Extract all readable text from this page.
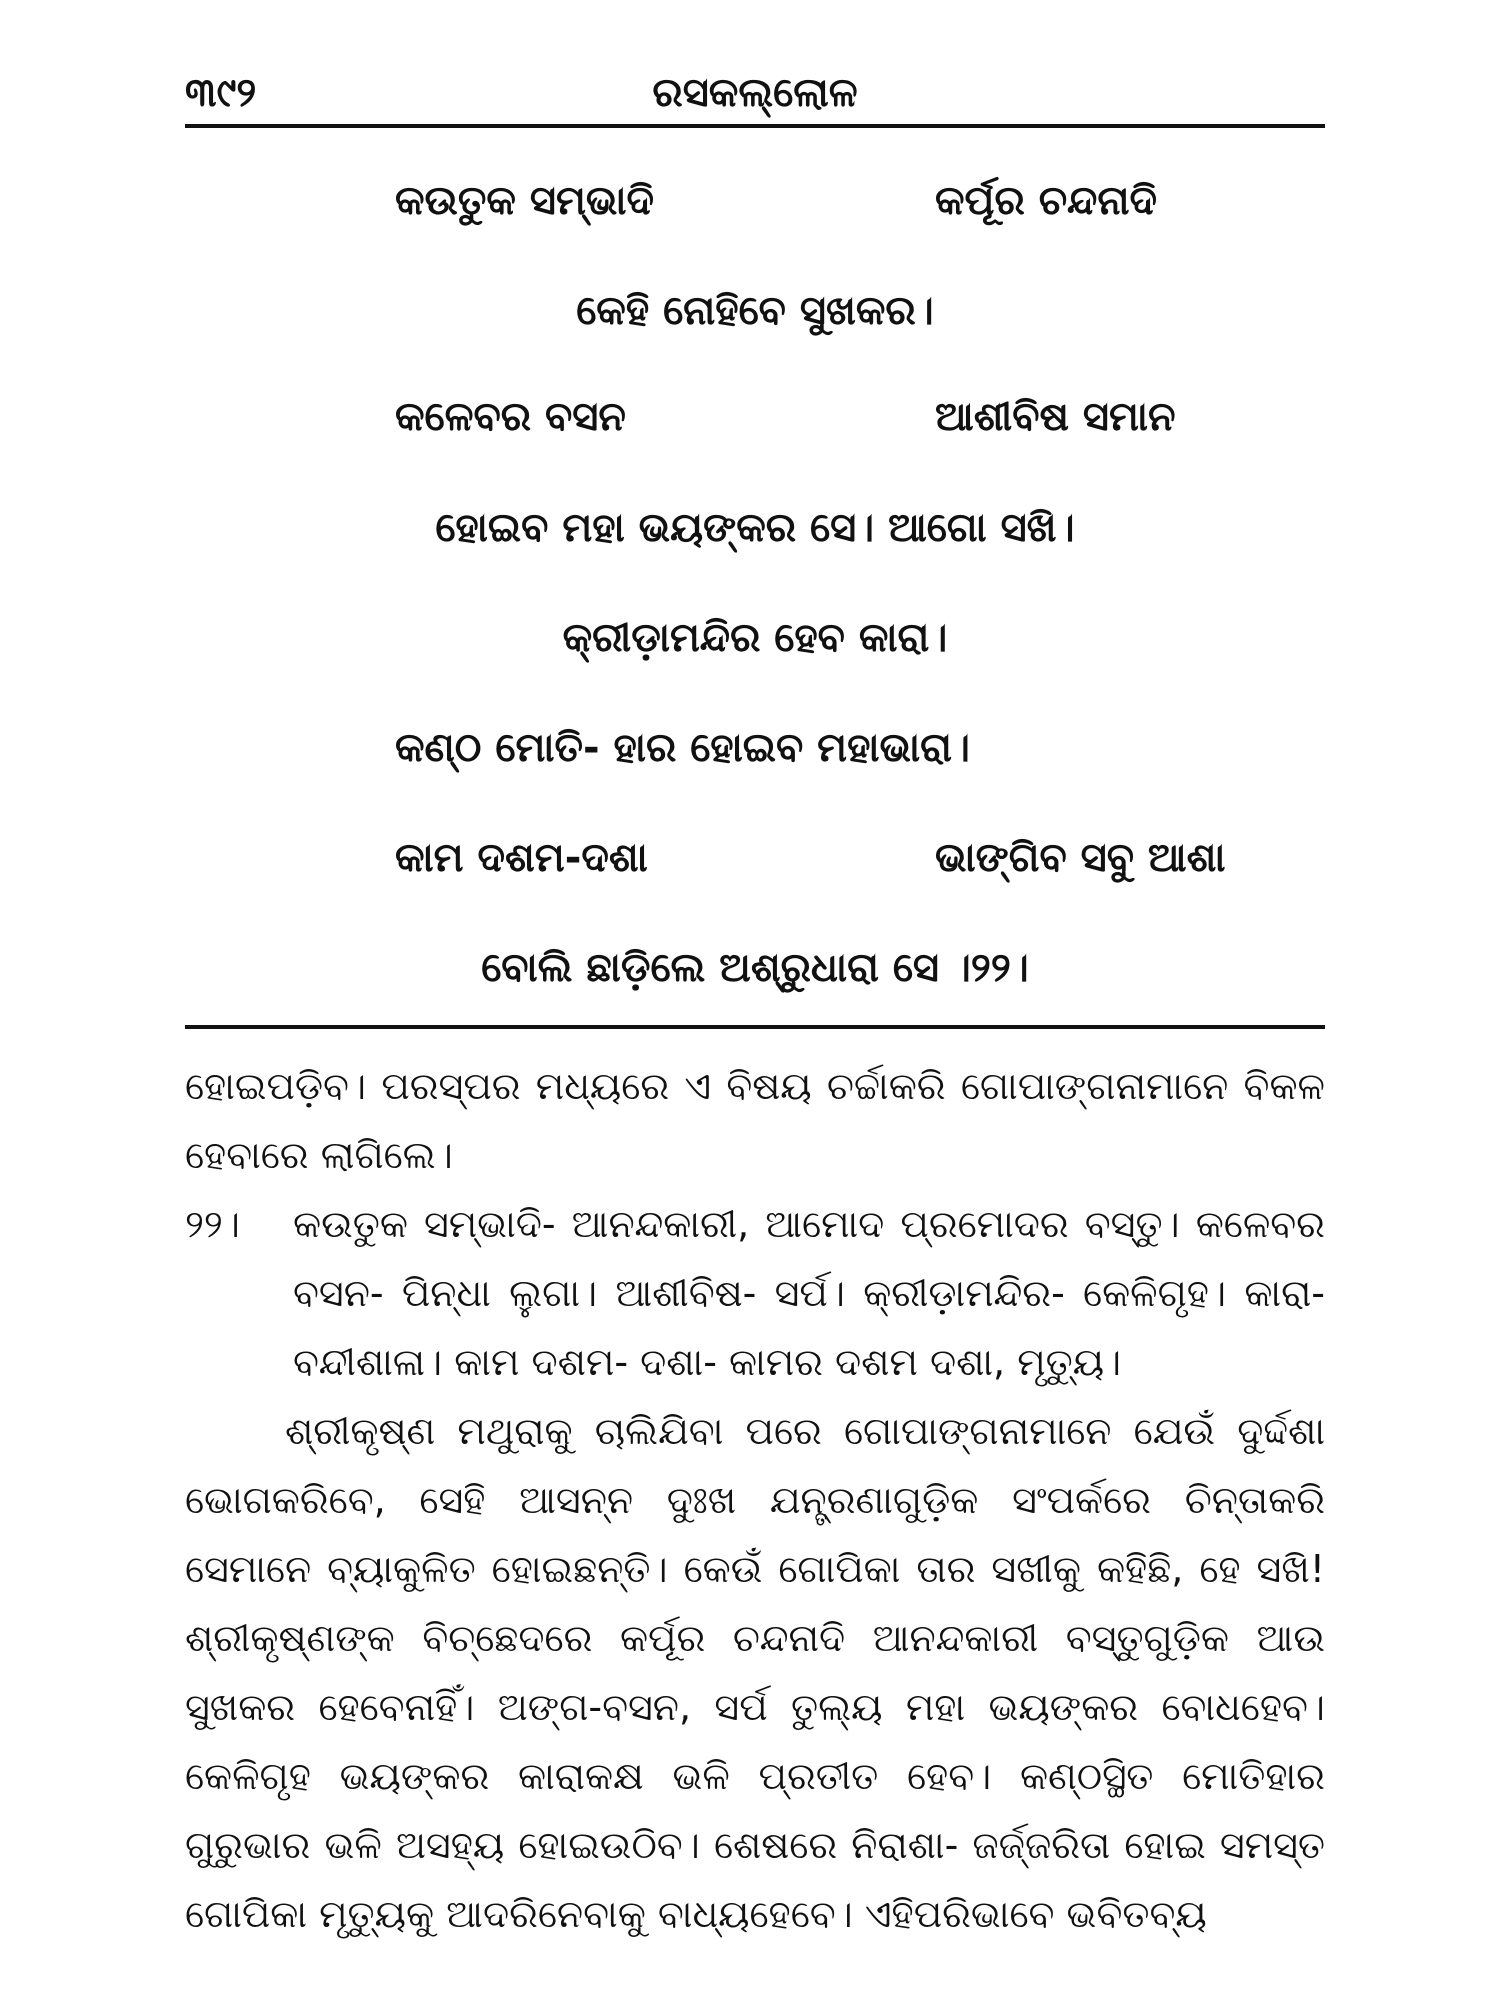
୩୯୨	ରସକଲ୍ଲୋଳ
କଉତୁକ ସମ୍ଭାଦି	କର୍ପୂର ଚନ୍ଦନାଦି
କେହି ନୋହିବେ ସୁଖକର।
କଳେବର ବସନ	ଆଶୀବିଷ ସମାନ
ହୋଇବ ମହା ଭୟଙ୍କର ସେ। ଆଗୋ ସଖି।
କ୍ରୀଡ଼ାମନ୍ଦିର ହେବ କାରା।
କଣ୍ଠ ମୋତି- ହାର ହୋଇବ ମହାଭାରା।
କାମ ଦଶମ-ଦଶା	ଭାଙ୍ଗିବ ସବୁ ଆଶା
ବୋଲି ଛାଡ଼ିଲେ ଅଶ୍ରୁଧାରା ସେ ।୨୨।
ହୋଇପଡ଼ିବ। ପରସ୍ପର ମଧ୍ୟରେ ଏ ବିଷୟ ଚର୍ଚ୍ଚାକରି ଗୋପାଙ୍ଗନାମାନେ ବିକଳ ହେବାରେ ଲାଗିଲେ।
୨୨। କଉତୁକ ସମ୍ଭାଦି- ଆନନ୍ଦକାରୀ, ଆମୋଦ ପ୍ରମୋଦର ବସ୍ତୁ। କଳେବର ବସନ- ପିନ୍ଧା ଲୁଗା। ଆଶୀବିଷ- ସର୍ପ। କ୍ରୀଡ଼ାମନ୍ଦିର- କେଳିଗୃହ। କାରା- ବନ୍ଦୀଶାଳା। କାମ ଦଶମ- ଦଶା- କାମର ଦଶମ ଦଶା, ମୃତ୍ୟୁ।
ଶ୍ରୀକୃଷ୍ଣ ମଥୁରାକୁ ଚାଲିଯିବା ପରେ ଗୋପାଙ୍ଗନାମାନେ ଯେଉଁ ଦୁର୍ଦ୍ଦଶା ଭୋଗକରିବେ, ସେହି ଆସନ୍ନ ଦୁଃଖ ଯନ୍ତ୍ରଣାଗୁଡ଼ିକ ସଂପର୍କରେ ଚିନ୍ତାକରି ସେମାନେ ବ୍ୟାକୁଳିତ ହୋଇଛନ୍ତି। କେଉଁ ଗୋପିକା ତାର ସଖୀକୁ କହିଛି, ହେ ସଖି! ଶ୍ରୀକୃଷ୍ଣଙ୍କ ବିଚ୍ଛେଦରେ କର୍ପୂର ଚନ୍ଦନାଦି ଆନନ୍ଦକାରୀ ବସ୍ତୁଗୁଡ଼ିକ ଆଉ ସୁଖକର ହେବେନାହିଁ। ଅଙ୍ଗ-ବସନ, ସର୍ପ ତୁଲ୍ୟ ମହା ଭୟଙ୍କର ବୋଧହେବ। କେଳିଗୃହ ଭୟଙ୍କର କାରାକକ୍ଷ ଭଳି ପ୍ରତୀତ ହେବ। କଣ୍ଠସ୍ଥିତ ମୋତିହାର ଗୁରୁଭାର ଭଳି ଅସହ୍ୟ ହୋଇଉଠିବ। ଶେଷରେ ନିରାଶା- ଜର୍ଜ୍ଜରିତା ହୋଇ ସମସ୍ତ ଗୋପିକା ମୃତ୍ୟୁକୁ ଆଦରିନେବାକୁ ବାଧ୍ୟହେବେ। ଏହିପରିଭାବେ ଭବିତବ୍ୟ
